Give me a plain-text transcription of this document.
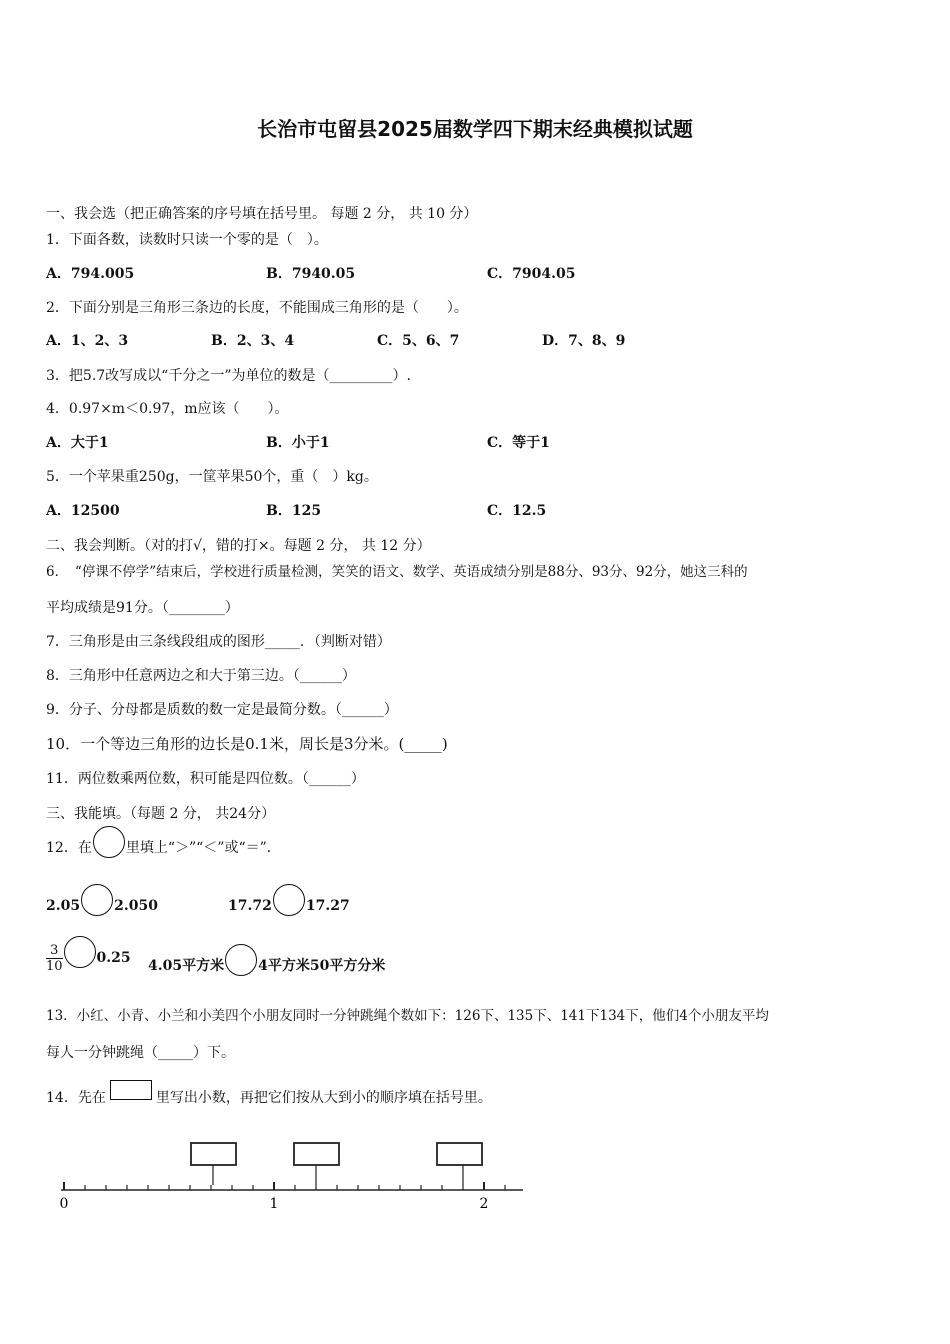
长治市屯留县2025届数学四下期末经典模拟试题
一、我会选（把正确答案的序号填在括号里。 每题 2 分， 共 10 分）
1．下面各数，读数时只读一个零的是（　）。
A．794.005	B．7940.05	C．7904.05
2．下面分别是三角形三条边的长度，不能围成三角形的是（　　）。
A．1、2、3	B．2、3、4	C．5、6、7	D．7、8、9
3．把5.7改写成以“千分之一”为单位的数是（_________）.
4．0.97×m＜0.97，m应该（　　）。
A．大于1	B．小于1	C．等于1
5．一个苹果重250g，一筐苹果50个，重（　）kg。
A．12500	B．125	C．12.5
二、我会判断。（对的打√，错的打×。每题 2 分， 共 12 分）
6．　“停课不停学”结束后，学校进行质量检测，笑笑的语文、数学、英语成绩分别是88分、93分、92分，她这三科的
平均成绩是91分。（________）
7．三角形是由三条线段组成的图形_____．（判断对错）
8．三角形中任意两边之和大于第三边。（______）
9．分子、分母都是质数的数一定是最简分数。（______）
10．一个等边三角形的边长是0.1米，周长是3分米。(_____)
11．两位数乘两位数，积可能是四位数。（______）
三、我能填。（每题 2 分， 共24分）
12．在 里填上“＞”“＜”或“＝”．
2.05 2.050	17.72 17.27
$\frac{3}{10} 0.25$ 4.05平方米 4平方米50平方分米
13．小红、小青、小兰和小美四个小朋友同时一分钟跳绳个数如下：126下、135下、141下134下，他们4个小朋友平均
每人一分钟跳绳（_____）下。
14．先在	里写出小数，再把它们按从大到小的顺序填在括号里。
0	1	2
